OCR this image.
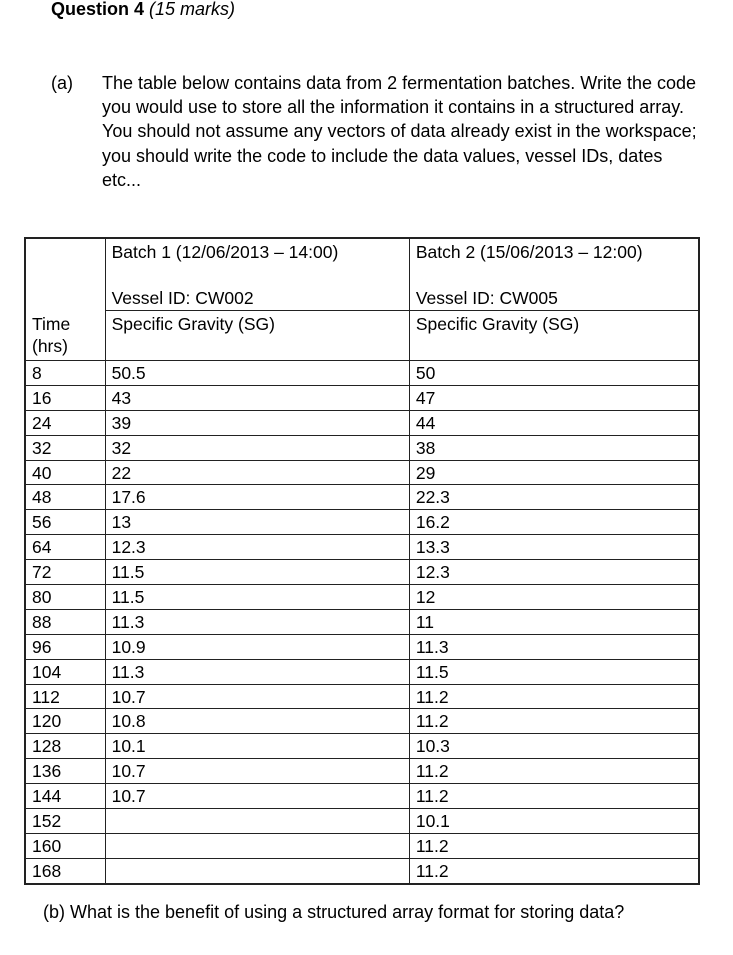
Question 4 (15 marks)
(a) The table below contains data from 2 fermentation batches. Write the code you would use to store all the information it contains in a structured array. You should not assume any vectors of data already exist in the workspace; you should write the code to include the data values, vessel IDs, dates etc...
	Batch 1 (12/06/2013 – 14:00)	Batch 2 (15/06/2013 – 12:00)
	Vessel ID: CW002	Vessel ID: CW005
Time (hrs)	Specific Gravity (SG)	Specific Gravity (SG)
8	50.5	50
16	43	47
24	39	44
32	32	38
40	22	29
48	17.6	22.3
56	13	16.2
64	12.3	13.3
72	11.5	12.3
80	11.5	12
88	11.3	11
96	10.9	11.3
104	11.3	11.5
112	10.7	11.2
120	10.8	11.2
128	10.1	10.3
136	10.7	11.2
144	10.7	11.2
152		10.1
160		11.2
168		11.2
(b) What is the benefit of using a structured array format for storing data?
